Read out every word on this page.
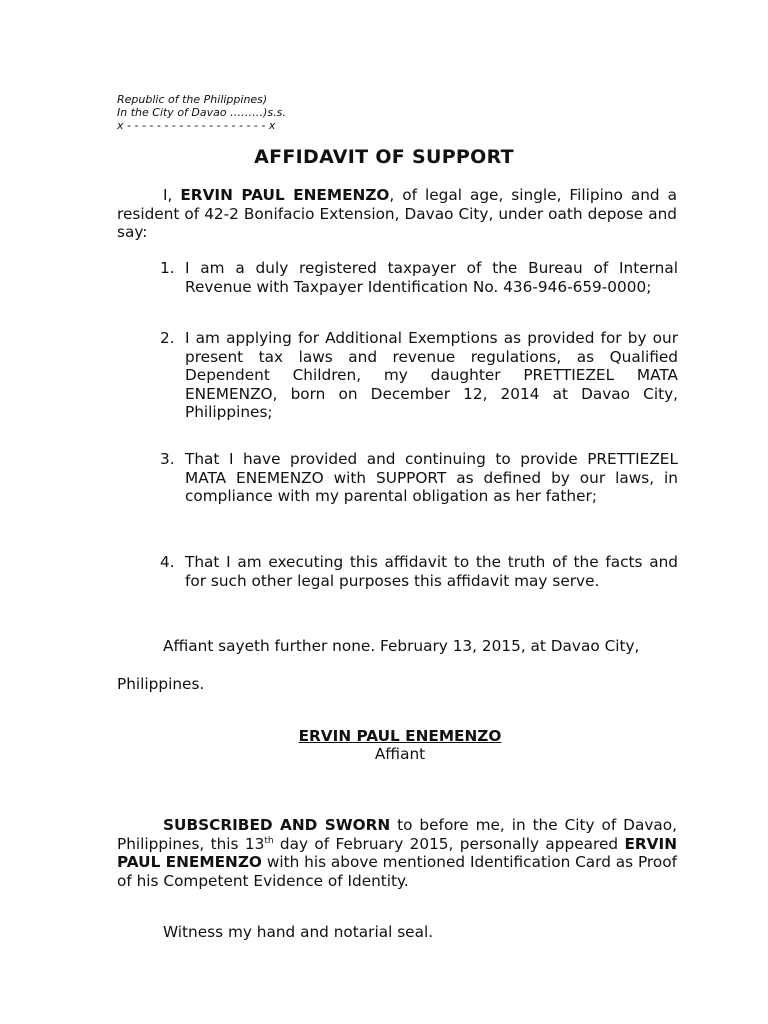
Republic of the Philippines)
In the City of Davao ………)s.s.
x - - - - - - - - - - - - - - - - - - - x
AFFIDAVIT OF SUPPORT
I, ERVIN PAUL ENEMENZO, of legal age, single, Filipino and a resident of 42-2 Bonifacio Extension, Davao City, under oath depose and say:
1. I am a duly registered taxpayer of the Bureau of Internal Revenue with Taxpayer Identification No. 436-946-659-0000;
2. I am applying for Additional Exemptions as provided for by our present tax laws and revenue regulations, as Qualified Dependent Children, my daughter PRETTIEZEL MATA ENEMENZO, born on December 12, 2014 at Davao City, Philippines;
3. That I have provided and continuing to provide PRETTIEZEL MATA ENEMENZO with SUPPORT as defined by our laws, in compliance with my parental obligation as her father;
4. That I am executing this affidavit to the truth of the facts and for such other legal purposes this affidavit may serve.
Affiant sayeth further none. February 13, 2015, at Davao City,
Philippines.
ERVIN PAUL ENEMENZO
Affiant
SUBSCRIBED AND SWORN to before me, in the City of Davao, Philippines, this 13th day of February 2015, personally appeared ERVIN PAUL ENEMENZO with his above mentioned Identification Card as Proof of his Competent Evidence of Identity.
Witness my hand and notarial seal.
